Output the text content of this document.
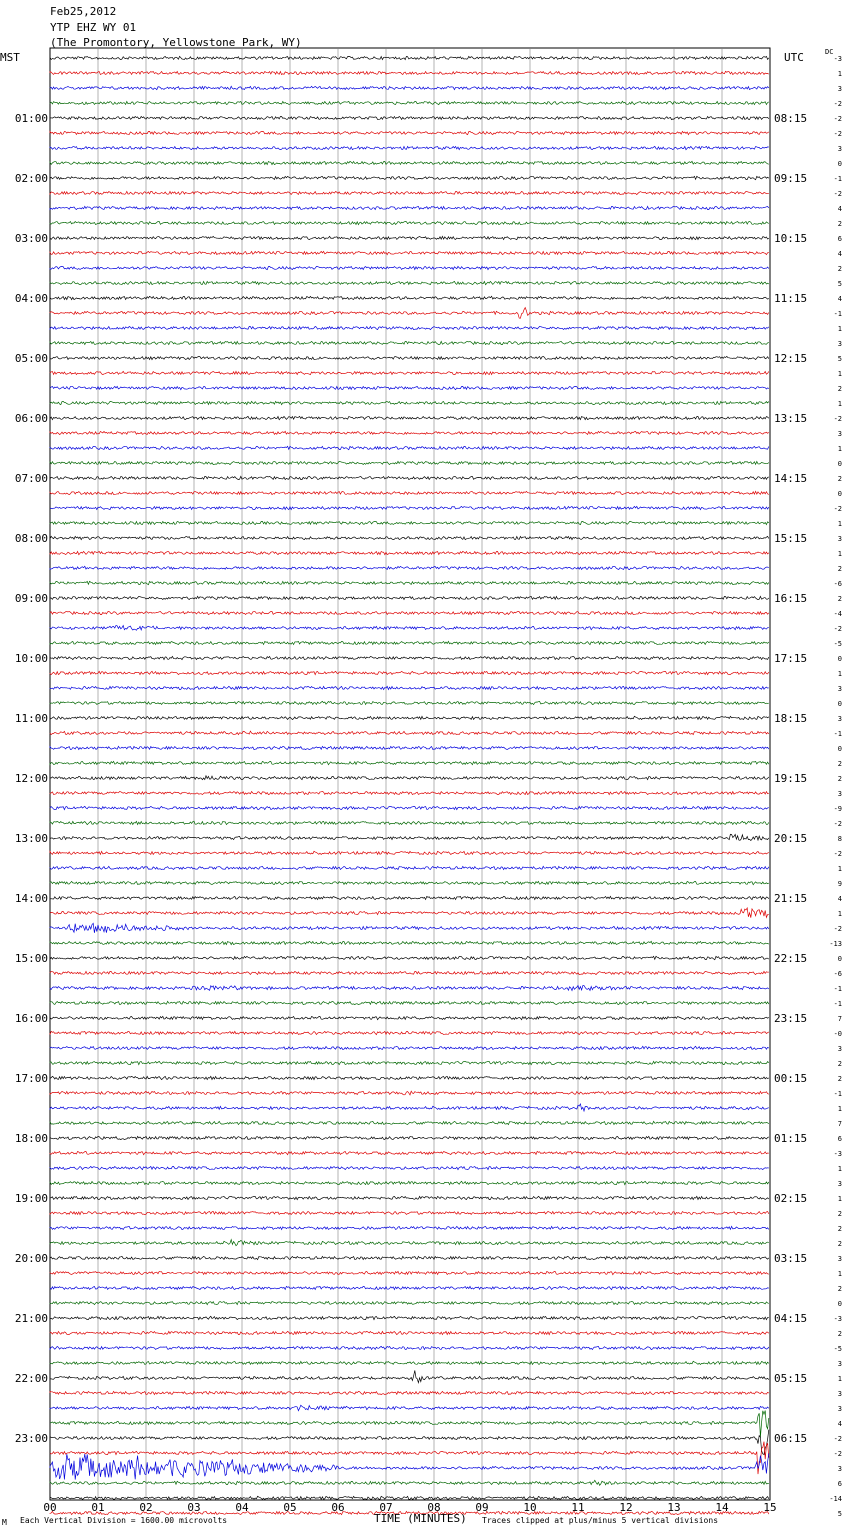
Feb25,2012
YTP EHZ WY 01
(The Promontory, Yellowstone Park, WY)
MST	UTC	DC
-3
1
3
-2
-2
-2
3
0
-1
-2
4
2
6
4
2
5
4
-1
1
3
5
1
2
1
-2
3
1
0
2
0
-2
1
3
1
2
-6
2
-4
-2
-5
0
1
3
0
3
-1
0
2
2
3
-9
-2
8
-2
1
9
4
1
-2
-13
0
-6
-1
-1
7
-0
3
2
2
-1
1
7
6
-3
1
3
1
2
2
2
3
1
2
0
-3
2
-5
3
1
3
3
4
-2
-2
3
6
-14
5
01:00
02:00
03:00
04:00
05:00
06:00
07:00
08:00
09:00
10:00
11:00
12:00
13:00
14:00
15:00
16:00
17:00
18:00
19:00
20:00
21:00
22:00
23:00
08:15
09:15
10:15
11:15
12:15
13:15
14:15
15:15
16:15
17:15
18:15
19:15
20:15
21:15
22:15
23:15
00:15
01:15
02:15
03:15
04:15
05:15
06:15
00	01	02	03	04	05	06	07	08	09	10	11	12	13	14	15
M Each Vertical Division = 1600.00 microvolts	TIME (MINUTES) Traces clipped at plus/minus 5 vertical divisions
